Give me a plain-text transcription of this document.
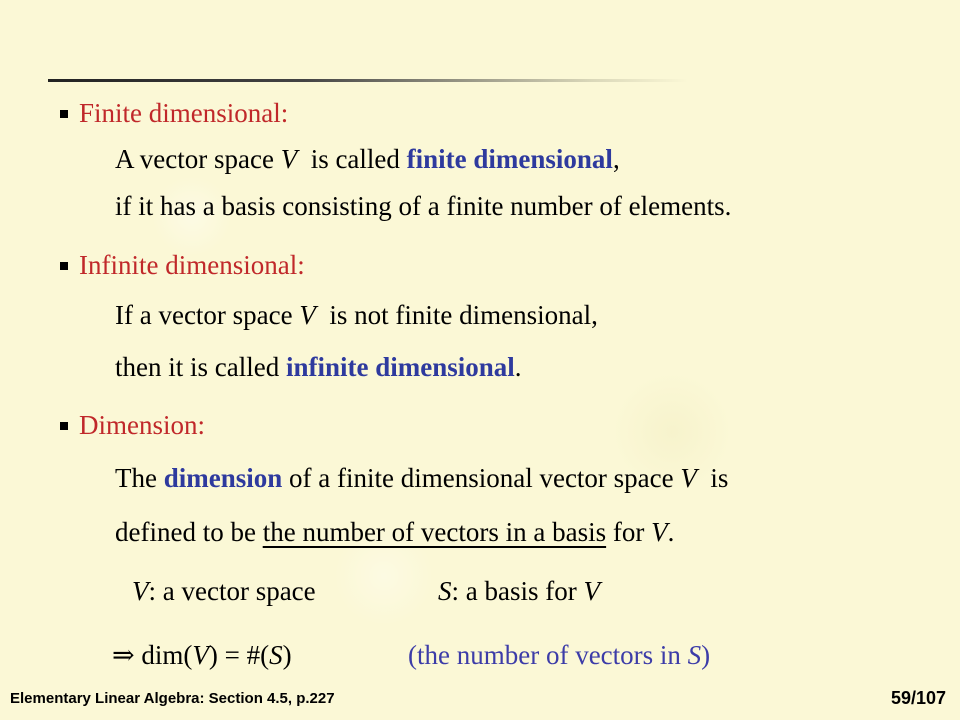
Finite dimensional:
A vector space V  is called finite dimensional,
if it has a basis consisting of a finite number of elements.
Infinite dimensional:
If a vector space V  is not finite dimensional,
then it is called infinite dimensional.
Dimension:
The dimension of a finite dimensional vector space V  is
defined to be the number of vectors in a basis for V.
V: a vector space	S: a basis for V
⇒ dim(V) = #(S)	(the number of vectors in S)
Elementary Linear Algebra: Section 4.5, p.227	59/107
